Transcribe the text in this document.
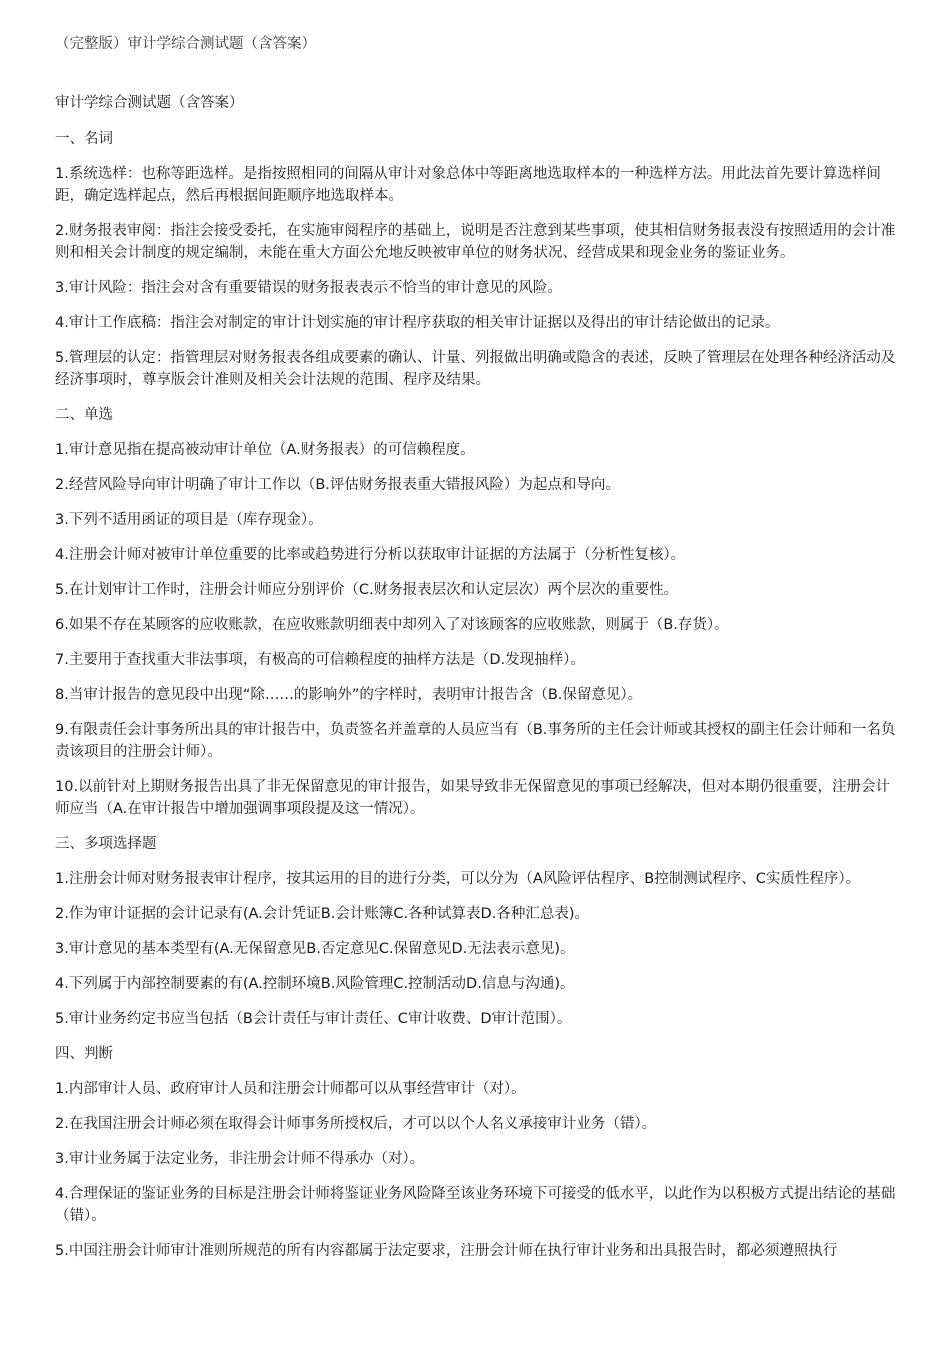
（完整版）审计学综合测试题（含答案）

审计学综合测试题（含答案）

一、名词

1.系统选样：也称等距选样。是指按照相同的间隔从审计对象总体中等距离地选取样本的一种选样方法。用此法首先要计算选样间距，确定选样起点，然后再根据间距顺序地选取样本。

2.财务报表审阅：指注会接受委托，在实施审阅程序的基础上，说明是否注意到某些事项，使其相信财务报表没有按照适用的会计准则和相关会计制度的规定编制，未能在重大方面公允地反映被审单位的财务状况、经营成果和现金业务的鉴证业务。

3.审计风险：指注会对含有重要错误的财务报表表示不恰当的审计意见的风险。

4.审计工作底稿：指注会对制定的审计计划实施的审计程序获取的相关审计证据以及得出的审计结论做出的记录。

5.管理层的认定：指管理层对财务报表各组成要素的确认、计量、列报做出明确或隐含的表述，反映了管理层在处理各种经济活动及经济事项时，尊享版会计准则及相关会计法规的范围、程序及结果。

二、单选

1.审计意见指在提高被动审计单位（A.财务报表）的可信赖程度。

2.经营风险导向审计明确了审计工作以（B.评估财务报表重大错报风险）为起点和导向。

3.下列不适用函证的项目是（库存现金）。

4.注册会计师对被审计单位重要的比率或趋势进行分析以获取审计证据的方法属于（分析性复核）。

5.在计划审计工作时，注册会计师应分别评价（C.财务报表层次和认定层次）两个层次的重要性。

6.如果不存在某顾客的应收账款，在应收账款明细表中却列入了对该顾客的应收账款，则属于（B.存货）。

7.主要用于查找重大非法事项，有极高的可信赖程度的抽样方法是（D.发现抽样）。

8.当审计报告的意见段中出现“除……的影响外”的字样时，表明审计报告含（B.保留意见）。

9.有限责任会计事务所出具的审计报告中，负责签名并盖章的人员应当有（B.事务所的主任会计师或其授权的副主任会计师和一名负责该项目的注册会计师）。

10.以前针对上期财务报告出具了非无保留意见的审计报告，如果导致非无保留意见的事项已经解决，但对本期仍很重要，注册会计师应当（A.在审计报告中增加强调事项段提及这一情况）。

三、多项选择题

1.注册会计师对财务报表审计程序，按其运用的目的进行分类，可以分为（A风险评估程序、B控制测试程序、C实质性程序）。

2.作为审计证据的会计记录有(A.会计凭证B.会计账簿C.各种试算表D.各种汇总表)。

3.审计意见的基本类型有(A.无保留意见B.否定意见C.保留意见D.无法表示意见)。

4.下列属于内部控制要素的有(A.控制环境B.风险管理C.控制活动D.信息与沟通)。

5.审计业务约定书应当包括（B会计责任与审计责任、C审计收费、D审计范围）。

四、判断

1.内部审计人员、政府审计人员和注册会计师都可以从事经营审计（对）。

2.在我国注册会计师必须在取得会计师事务所授权后，才可以以个人名义承接审计业务（错）。

3.审计业务属于法定业务，非注册会计师不得承办（对）。

4.合理保证的鉴证业务的目标是注册会计师将鉴证业务风险降至该业务环境下可接受的低水平，以此作为以积极方式提出结论的基础（错）。

5.中国注册会计师审计准则所规范的所有内容都属于法定要求，注册会计师在执行审计业务和出具报告时，都必须遵照执行
